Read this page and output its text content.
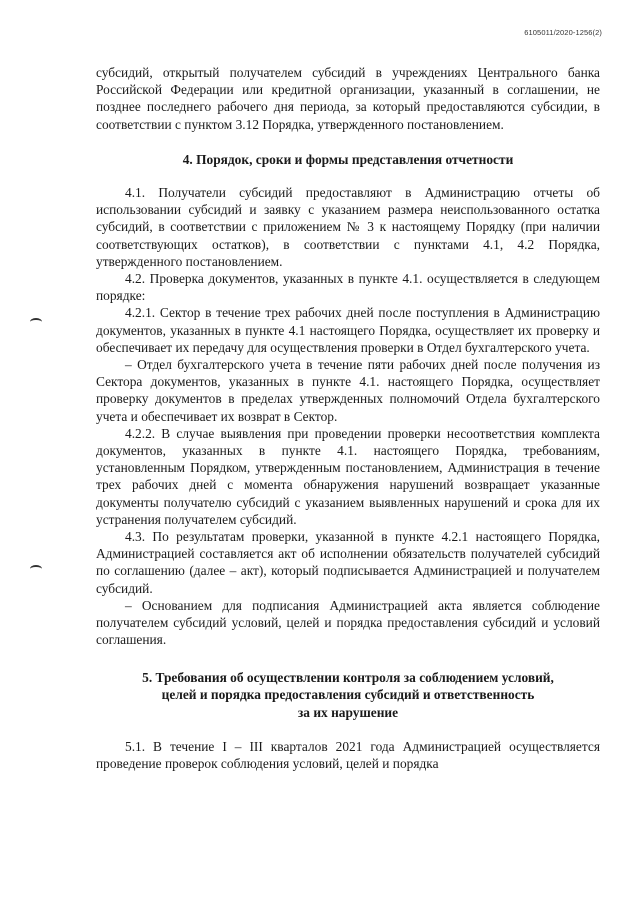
6105011/2020-1256(2)

субсидий, открытый получателем субсидий в учреждениях Центрального банка Российской Федерации или кредитной организации, указанный в соглашении, не позднее последнего рабочего дня периода, за который предоставляются субсидии, в соответствии с пунктом 3.12 Порядка, утвержденного постановлением.

4. Порядок, сроки и формы представления отчетности

4.1. Получатели субсидий предоставляют в Администрацию отчеты об использовании субсидий и заявку с указанием размера неиспользованного остатка субсидий, в соответствии с приложением № 3 к настоящему Порядку (при наличии соответствующих остатков), в соответствии с пунктами 4.1, 4.2 Порядка, утвержденного постановлением.

4.2. Проверка документов, указанных в пункте 4.1. осуществляется в следующем порядке:

4.2.1. Сектор в течение трех рабочих дней после поступления в Администрацию документов, указанных в пункте 4.1 настоящего Порядка, осуществляет их проверку и обеспечивает их передачу для осуществления проверки в Отдел бухгалтерского учета.

– Отдел бухгалтерского учета в течение пяти рабочих дней после получения из Сектора документов, указанных в пункте 4.1. настоящего Порядка, осуществляет проверку документов в пределах утвержденных полномочий Отдела бухгалтерского учета и обеспечивает их возврат в Сектор.

4.2.2. В случае выявления при проведении проверки несоответствия комплекта документов, указанных в пункте 4.1. настоящего Порядка, требованиям, установленным Порядком, утвержденным постановлением, Администрация в течение трех рабочих дней с момента обнаружения нарушений возвращает указанные документы получателю субсидий с указанием выявленных нарушений и срока для их устранения получателем субсидий.

4.3. По результатам проверки, указанной в пункте 4.2.1 настоящего Порядка, Администрацией составляется акт об исполнении обязательств получателей субсидий по соглашению (далее – акт), который подписывается Администрацией и получателем субсидий.

– Основанием для подписания Администрацией акта является соблюдение получателем субсидий условий, целей и порядка предоставления субсидий и условий соглашения.

5. Требования об осуществлении контроля за соблюдением условий,
целей и порядка предоставления субсидий и ответственность
за их нарушение

5.1. В течение I – III кварталов 2021 года Администрацией осуществляется проведение проверок соблюдения условий, целей и порядка
